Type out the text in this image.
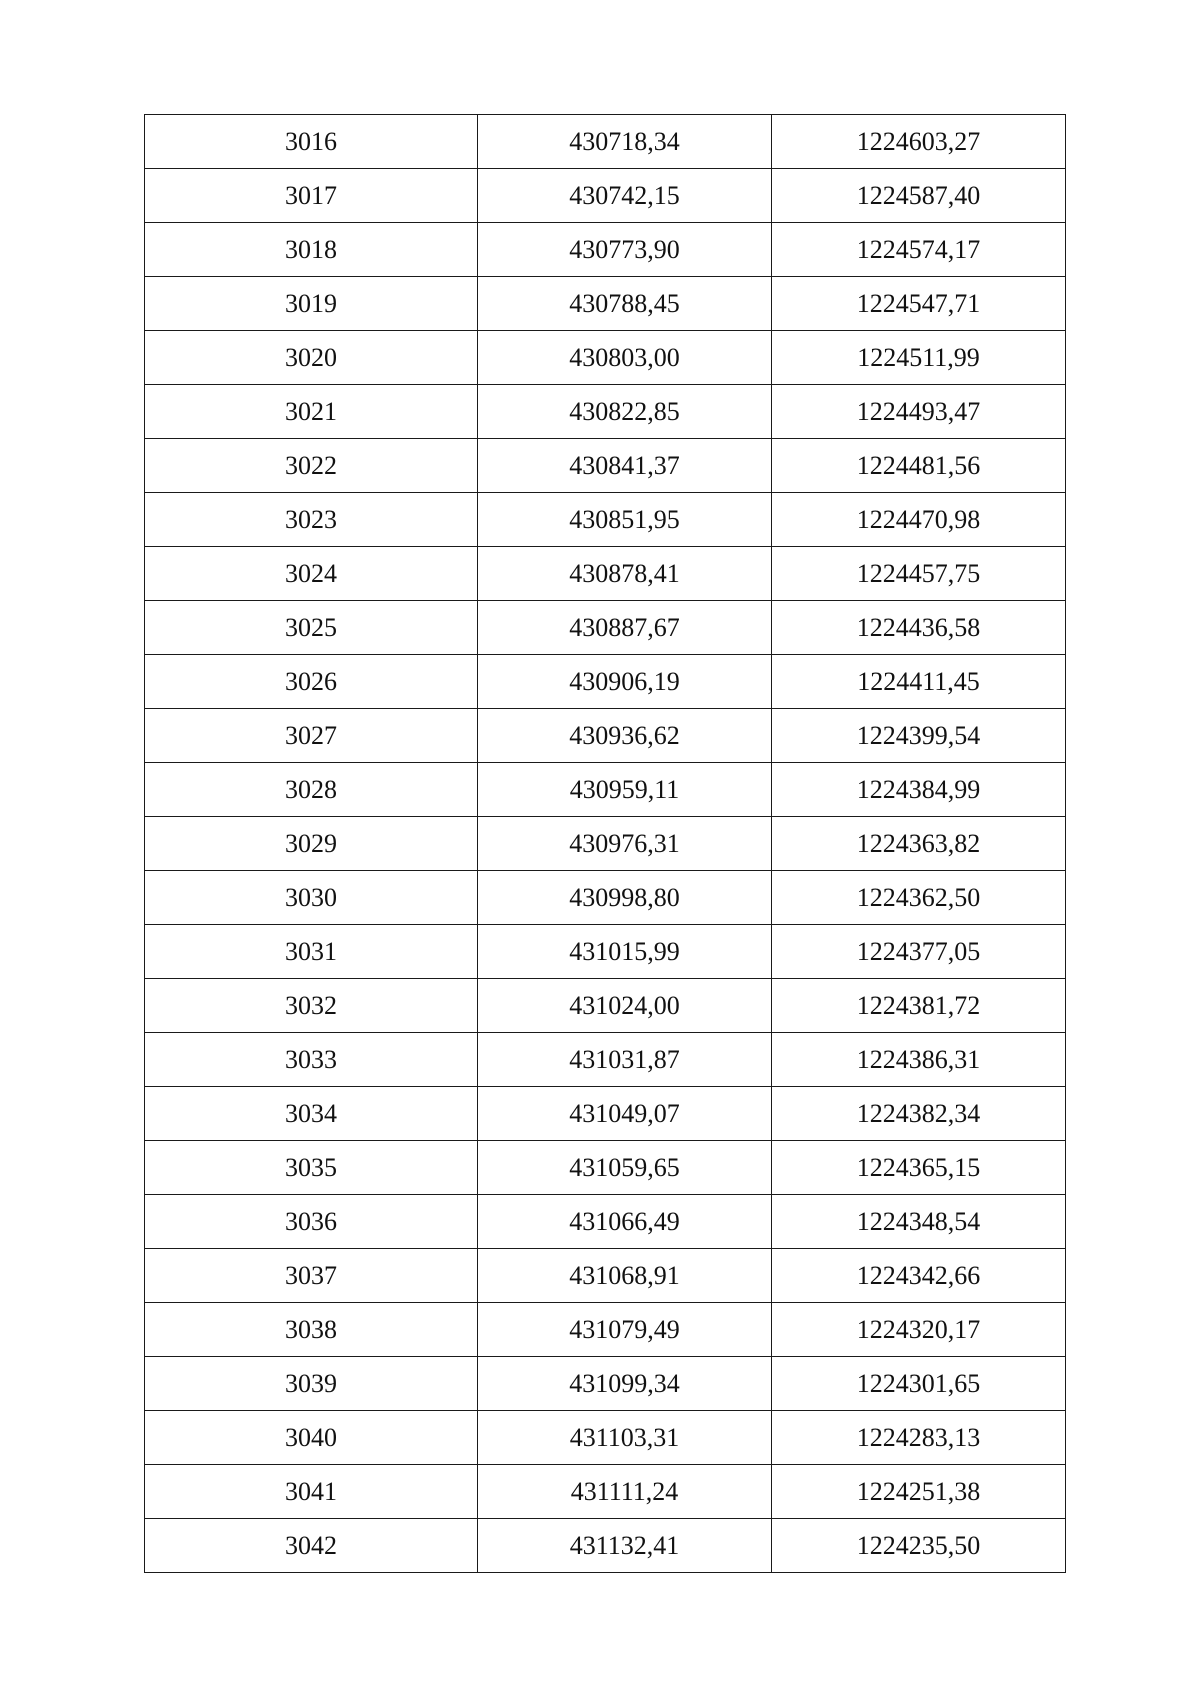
3016	430718,34	1224603,27
3017	430742,15	1224587,40
3018	430773,90	1224574,17
3019	430788,45	1224547,71
3020	430803,00	1224511,99
3021	430822,85	1224493,47
3022	430841,37	1224481,56
3023	430851,95	1224470,98
3024	430878,41	1224457,75
3025	430887,67	1224436,58
3026	430906,19	1224411,45
3027	430936,62	1224399,54
3028	430959,11	1224384,99
3029	430976,31	1224363,82
3030	430998,80	1224362,50
3031	431015,99	1224377,05
3032	431024,00	1224381,72
3033	431031,87	1224386,31
3034	431049,07	1224382,34
3035	431059,65	1224365,15
3036	431066,49	1224348,54
3037	431068,91	1224342,66
3038	431079,49	1224320,17
3039	431099,34	1224301,65
3040	431103,31	1224283,13
3041	431111,24	1224251,38
3042	431132,41	1224235,50
